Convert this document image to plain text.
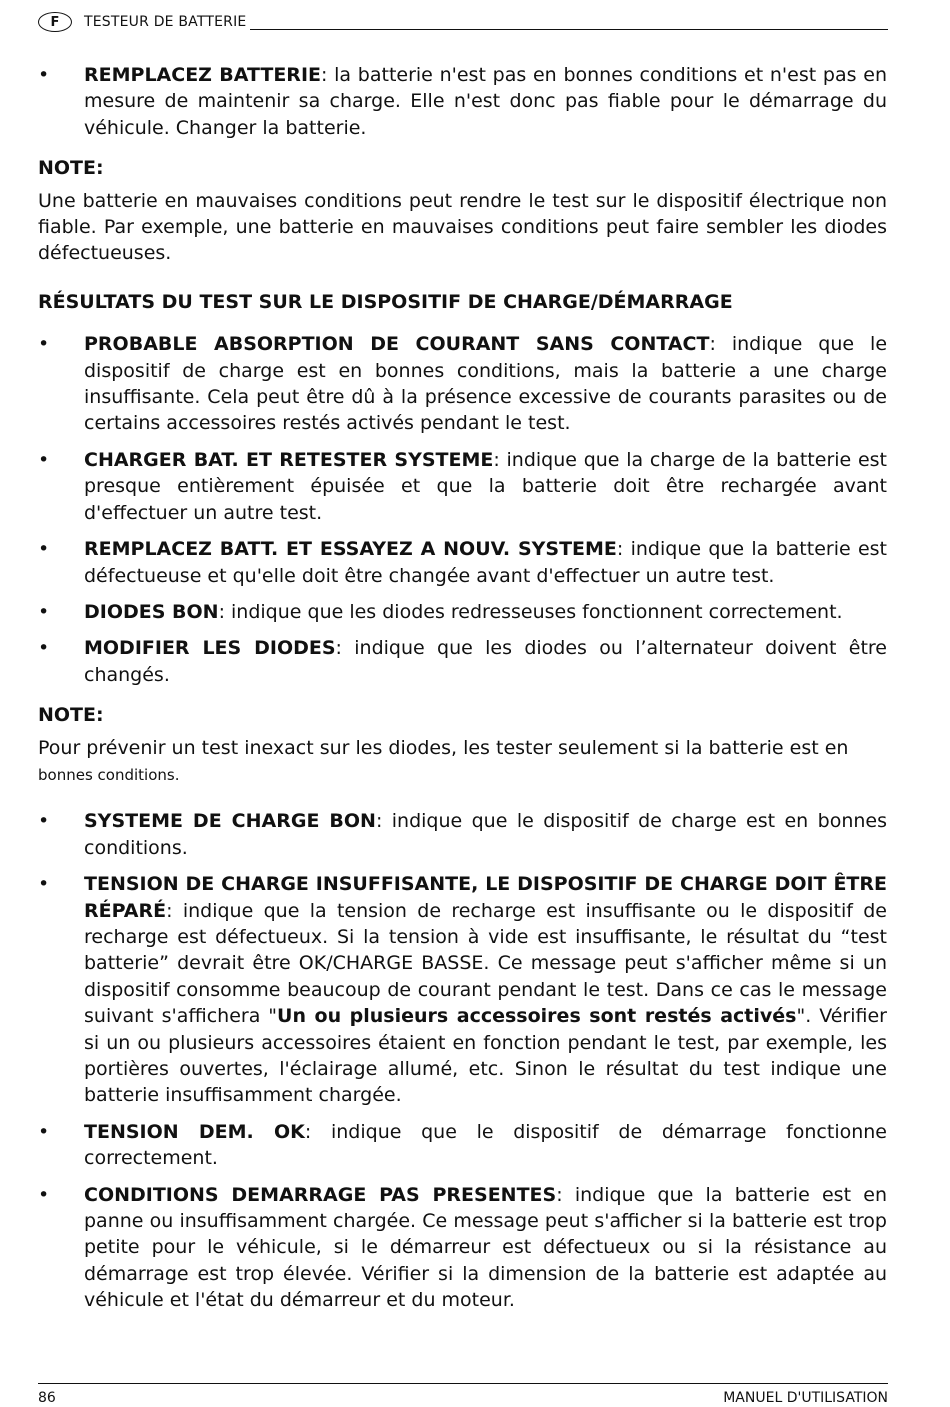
F	TESTEUR DE BATTERIE
•	REMPLACEZ BATTERIE: la batterie n'est pas en bonnes conditions et n'est pas en mesure de maintenir sa charge. Elle n'est donc pas fiable pour le démarrage du véhicule. Changer la batterie.
NOTE:
Une batterie en mauvaises conditions peut rendre le test sur le dispositif électrique non fiable. Par exemple, une batterie en mauvaises conditions peut faire sembler les diodes défectueuses.
RÉSULTATS DU TEST SUR LE DISPOSITIF DE CHARGE/DÉMARRAGE
•	PROBABLE ABSORPTION DE COURANT SANS CONTACT: indique que le dispositif de charge est en bonnes conditions, mais la batterie a une charge insuffisante. Cela peut être dû à la présence excessive de courants parasites ou de certains accessoires restés activés pendant le test.
•	CHARGER BAT. ET RETESTER SYSTEME: indique que la charge de la batterie est presque entièrement épuisée et que la batterie doit être rechargée avant d'effectuer un autre test.
•	REMPLACEZ BATT. ET ESSAYEZ A NOUV. SYSTEME: indique que la batterie est défectueuse et qu'elle doit être changée avant d'effectuer un autre test.
•	DIODES BON: indique que les diodes redresseuses fonctionnent correctement.
•	MODIFIER LES DIODES: indique que les diodes ou l’alternateur doivent être changés.
NOTE:
Pour prévenir un test inexact sur les diodes, les tester seulement si la batterie est en
bonnes conditions.
•	SYSTEME DE CHARGE BON: indique que le dispositif de charge est en bonnes conditions.
•	TENSION DE CHARGE INSUFFISANTE, LE DISPOSITIF DE CHARGE DOIT ÊTRE RÉPARÉ: indique que la tension de recharge est insuffisante ou le dispositif de recharge est défectueux. Si la tension à vide est insuffisante, le résultat du “test batterie” devrait être OK/CHARGE BASSE. Ce message peut s'afficher même si un dispositif consomme beaucoup de courant pendant le test. Dans ce cas le message suivant s'affichera "Un ou plusieurs accessoires sont restés activés". Vérifier si un ou plusieurs accessoires étaient en fonction pendant le test, par exemple, les portières ouvertes, l'éclairage allumé, etc. Sinon le résultat du test indique une batterie insuffisamment chargée.
•	TENSION DEM. OK: indique que le dispositif de démarrage fonctionne correctement.
•	CONDITIONS DEMARRAGE PAS PRESENTES: indique que la batterie est en panne ou insuffisamment chargée. Ce message peut s'afficher si la batterie est trop petite pour le véhicule, si le démarreur est défectueux ou si la résistance au démarrage est trop élevée. Vérifier si la dimension de la batterie est adaptée au véhicule et l'état du démarreur et du moteur.
86	MANUEL D'UTILISATION
